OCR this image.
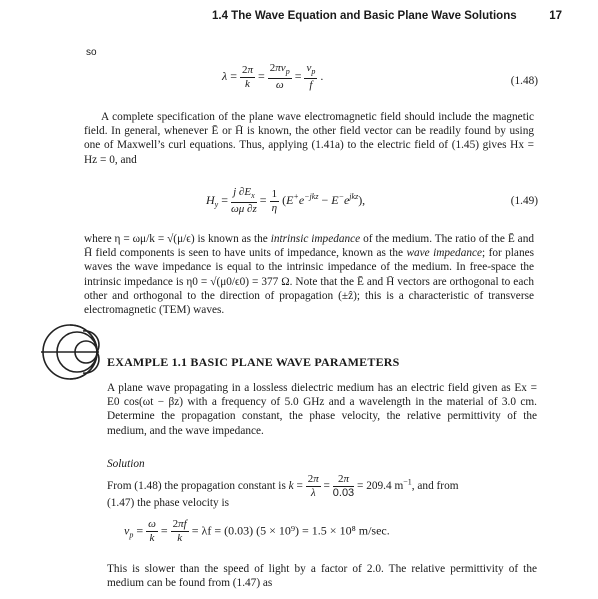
1.4 The Wave Equation and Basic Plane Wave Solutions	17
so
$\lambda = \frac{2\pi}{k} = \frac{2\pi v_p}{\omega} = \frac{v_p}{f}$ .	(1.48)
A complete specification of the plane wave electromagnetic field should include the magnetic field. In general, whenever Ē or H̄ is known, the other field vector can be readily found by using one of Maxwell’s curl equations. Thus, applying (1.41a) to the electric field of (1.45) gives Hx = Hz = 0, and
$H_y = \frac{j \partial E_x}{\omega\mu \partial z} = \frac{1}{\eta} (E^+e^{-jkz} - E^-e^{jkz})$,	(1.49)
where η = ωμ/k = √(μ/ϵ) is known as the intrinsic impedance of the medium. The ratio of the Ē and H̄ field components is seen to have units of impedance, known as the wave impedance; for planes waves the wave impedance is equal to the intrinsic impedance of the medium. In free-space the intrinsic impedance is η0 = √(μ0/ϵ0) = 377 Ω. Note that the Ē and H̄ vectors are orthogonal to each other and orthogonal to the direction of propagation (±ẑ); this is a characteristic of transverse electromagnetic (TEM) waves.
EXAMPLE 1.1 BASIC PLANE WAVE PARAMETERS
A plane wave propagating in a lossless dielectric medium has an electric field given as Ex = E0 cos(ωt − βz) with a frequency of 5.0 GHz and a wavelength in the material of 3.0 cm. Determine the propagation constant, the phase velocity, the relative permittivity of the medium, and the wave impedance.
Solution
From (1.48) the propagation constant is $k = \frac{2\pi}{\lambda} = \frac{2\pi}{0.03} = 209.4$ $m^{-1}$, and from
(1.47) the phase velocity is
$v_p = \frac{\omega}{k} = \frac{2\pi f}{k} = \lambda f = (0.03) (5 \times 10^9) = 1.5 \times 10^8$ m/sec.
This is slower than the speed of light by a factor of 2.0. The relative permittivity of the medium can be found from (1.47) as
